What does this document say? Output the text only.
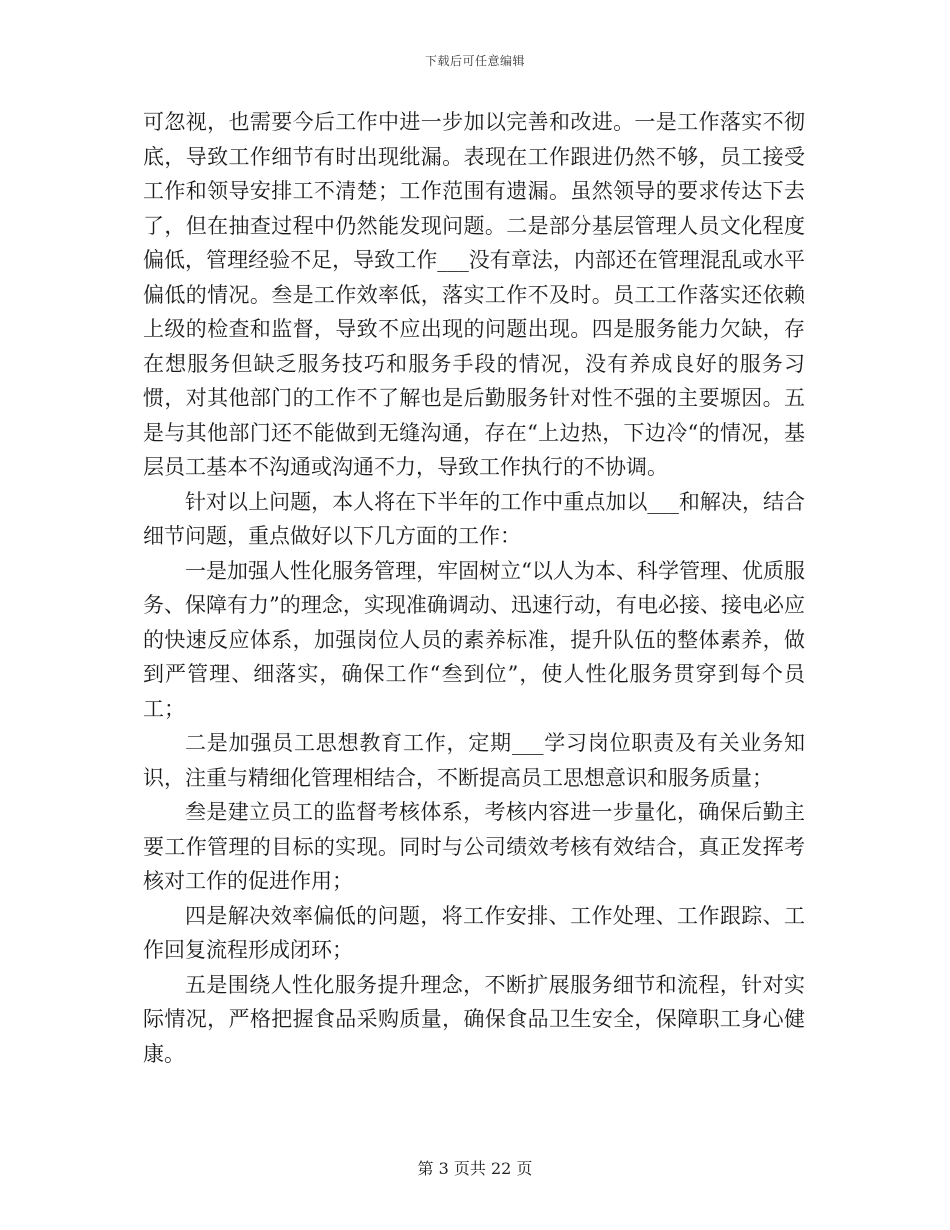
下载后可任意编辑

可忽视，也需要今后工作中进一步加以完善和改进。一是工作落实不彻底，导致工作细节有时出现纰漏。表现在工作跟进仍然不够，员工接受工作和领导安排工不清楚；工作范围有遗漏。虽然领导的要求传达下去了，但在抽查过程中仍然能发现问题。二是部分基层管理人员文化程度偏低，管理经验不足，导致工作___没有章法，内部还在管理混乱或水平偏低的情况。叁是工作效率低，落实工作不及时。员工工作落实还依赖上级的检查和监督，导致不应出现的问题出现。四是服务能力欠缺，存在想服务但缺乏服务技巧和服务手段的情况，没有养成良好的服务习惯，对其他部门的工作不了解也是后勤服务针对性不强的主要塬因。五是与其他部门还不能做到无缝沟通，存在“上边热，下边冷“的情况，基层员工基本不沟通或沟通不力，导致工作执行的不协调。

针对以上问题，本人将在下半年的工作中重点加以___和解决，结合细节问题，重点做好以下几方面的工作：

一是加强人性化服务管理，牢固树立“以人为本、科学管理、优质服务、保障有力”的理念，实现准确调动、迅速行动，有电必接、接电必应的快速反应体系，加强岗位人员的素养标准，提升队伍的整体素养，做到严管理、细落实，确保工作“叁到位”，使人性化服务贯穿到每个员工；

二是加强员工思想教育工作，定期___学习岗位职责及有关业务知识，注重与精细化管理相结合，不断提高员工思想意识和服务质量；

叁是建立员工的监督考核体系，考核内容进一步量化，确保后勤主要工作管理的目标的实现。同时与公司绩效考核有效结合，真正发挥考核对工作的促进作用；

四是解决效率偏低的问题，将工作安排、工作处理、工作跟踪、工作回复流程形成闭环；

五是围绕人性化服务提升理念，不断扩展服务细节和流程，针对实际情况，严格把握食品采购质量，确保食品卫生安全，保障职工身心健康。

第 3 页共 22 页
